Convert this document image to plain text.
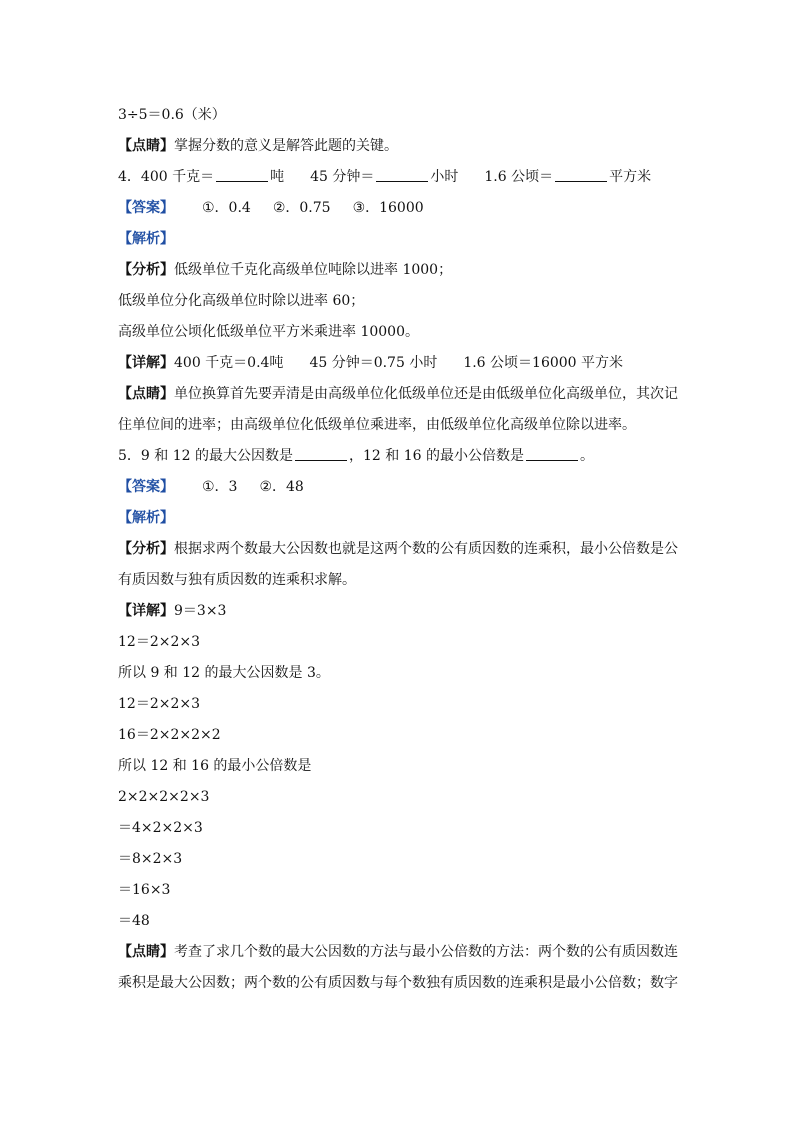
3÷5＝0.6（米）
【点睛】掌握分数的意义是解答此题的关键。
4．400 千克＝	吨 45 分钟＝	小时 1.6 公顷＝	平方米
【答案】 ①．0.4 ②．0.75 ③．16000
【解析】
【分析】低级单位千克化高级单位吨除以进率 1000；
低级单位分化高级单位时除以进率 60；
高级单位公顷化低级单位平方米乘进率 10000。
【详解】400 千克＝0.4吨 45 分钟＝0.75 小时 1.6 公顷＝16000 平方米
【点睛】单位换算首先要弄清是由高级单位化低级单位还是由低级单位化高级单位，其次记住单位间的进率；由高级单位化低级单位乘进率，由低级单位化高级单位除以进率。
5．9 和 12 的最大公因数是	，12 和 16 的最小公倍数是	。
【答案】 ①．3 ②．48
【解析】
【分析】根据求两个数最大公因数也就是这两个数的公有质因数的连乘积，最小公倍数是公有质因数与独有质因数的连乘积求解。
【详解】9＝3×3
12＝2×2×3
所以 9 和 12 的最大公因数是 3。
12＝2×2×3
16＝2×2×2×2
所以 12 和 16 的最小公倍数是
2×2×2×2×3
＝4×2×2×3
＝8×2×3
＝16×3
＝48
【点睛】考查了求几个数的最大公因数的方法与最小公倍数的方法：两个数的公有质因数连乘积是最大公因数；两个数的公有质因数与每个数独有质因数的连乘积是最小公倍数；数字
